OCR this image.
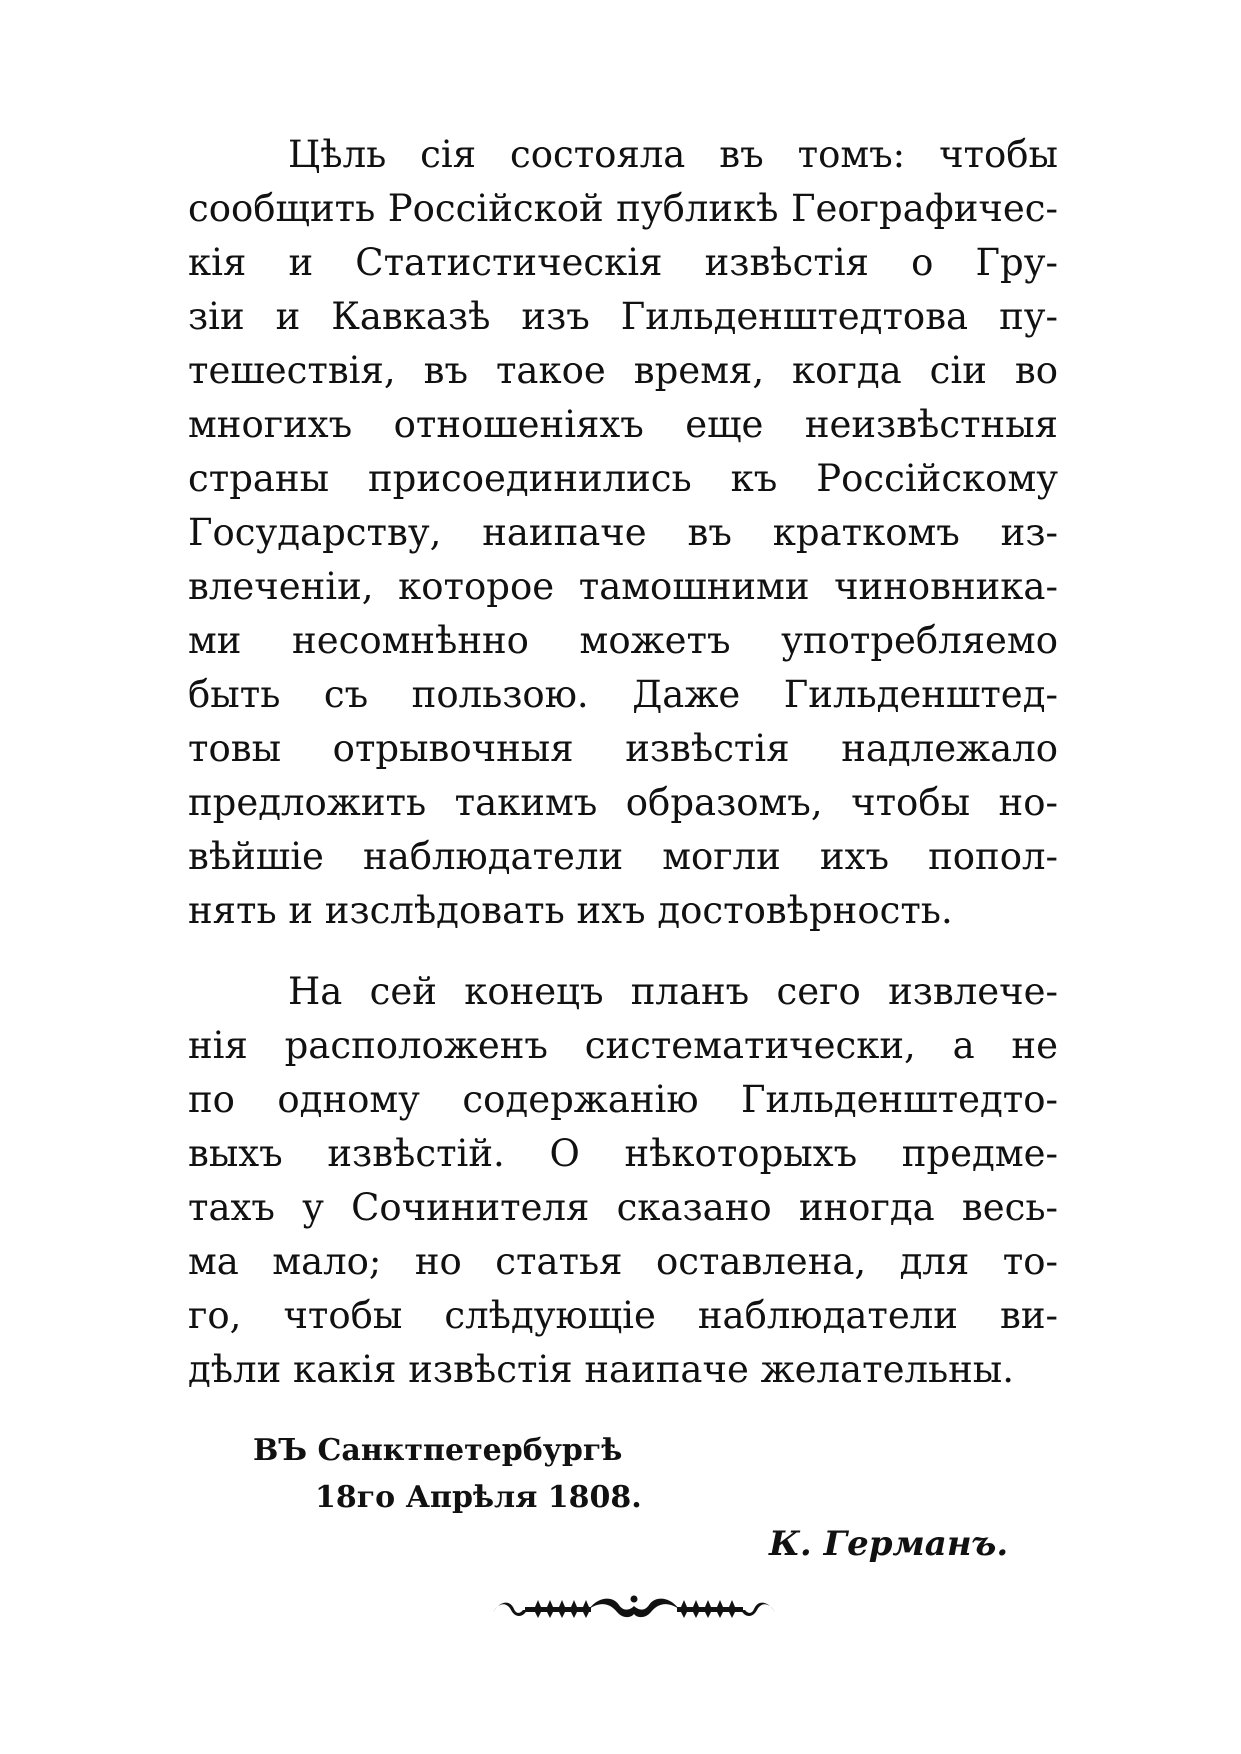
Цѣль сія состояла въ томъ: чтобы
сообщить Россійской публикѣ Географичес-
кія и Статистическія извѣстія о Гру-
зіи и Кавказѣ изъ Гильденштедтова пу-
тешествія, въ такое время, когда сіи во
многихъ отношеніяхъ еще неизвѣстныя
страны присоединились къ Россійскому
Государству, наипаче въ краткомъ из-
влеченіи, которое тамошними чиновника-
ми несомнѣнно можетъ употребляемо
быть съ пользою. Даже Гильденштед-
товы отрывочныя извѣстія надлежало
предложить такимъ образомъ, чтобы но-
вѣйшіе наблюдатели могли ихъ попол-
нять и изслѣдовать ихъ достовѣрность.
На сей конецъ планъ сего извлече-
нія расположенъ систематически, а не
по одному содержанію Гильденштедто-
выхъ извѣстій. О нѣкоторыхъ предме-
тахъ у Сочинителя сказано иногда весь-
ма мало; но статья оставлена, для то-
го, чтобы слѣдующіе наблюдатели ви-
дѣли какія извѣстія наипаче желательны.
ВЪ Санктпетербургѣ
18го Апрѣля 1808.
К. Германъ.
